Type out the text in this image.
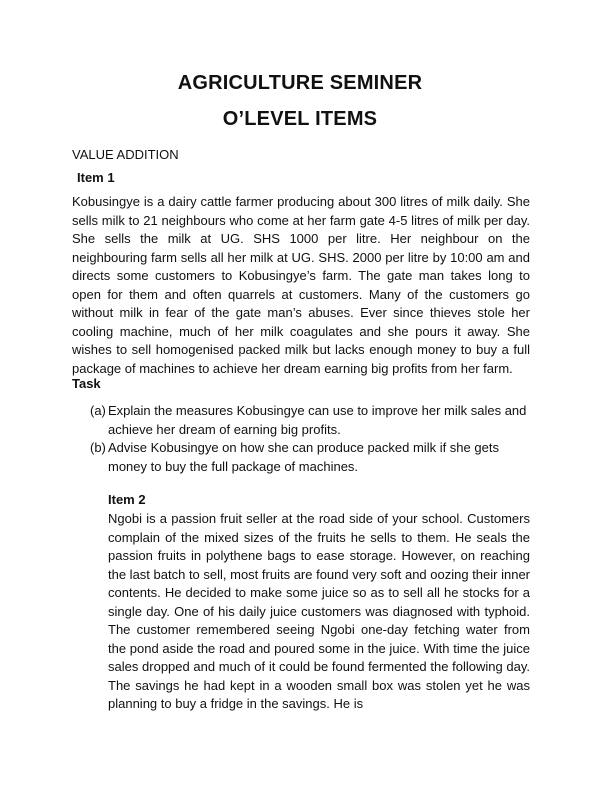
AGRICULTURE SEMINER
O’LEVEL ITEMS
VALUE ADDITION
Item 1

Kobusingye is a dairy cattle farmer producing about 300 litres of milk daily. She sells milk to 21 neighbours who come at her farm gate 4-5 litres of milk per day. She sells the milk at UG. SHS 1000 per litre. Her neighbour on the neighbouring farm sells all her milk at UG. SHS. 2000 per litre by 10:00 am and directs some customers to Kobusingye’s farm. The gate man takes long to open for them and often quarrels at customers. Many of the customers go without milk in fear of the gate man’s abuses. Ever since thieves stole her cooling machine, much of her milk coagulates and she pours it away. She wishes to sell homogenised packed milk but lacks enough money to buy a full package of machines to achieve her dream earning big profits from her farm.

Task
(a) Explain the measures Kobusingye can use to improve her milk sales and achieve her dream of earning big profits.
(b) Advise Kobusingye on how she can produce packed milk if she gets money to buy the full package of machines.
Item 2

Ngobi is a passion fruit seller at the road side of your school. Customers complain of the mixed sizes of the fruits he sells to them. He seals the passion fruits in polythene bags to ease storage. However, on reaching the last batch to sell, most fruits are found very soft and oozing their inner contents. He decided to make some juice so as to sell all he stocks for a single day. One of his daily juice customers was diagnosed with typhoid. The customer remembered seeing Ngobi one-day fetching water from the pond aside the road and poured some in the juice. With time the juice sales dropped and much of it could be found fermented the following day. The savings he had kept in a wooden small box was stolen yet he was planning to buy a fridge in the savings. He is
